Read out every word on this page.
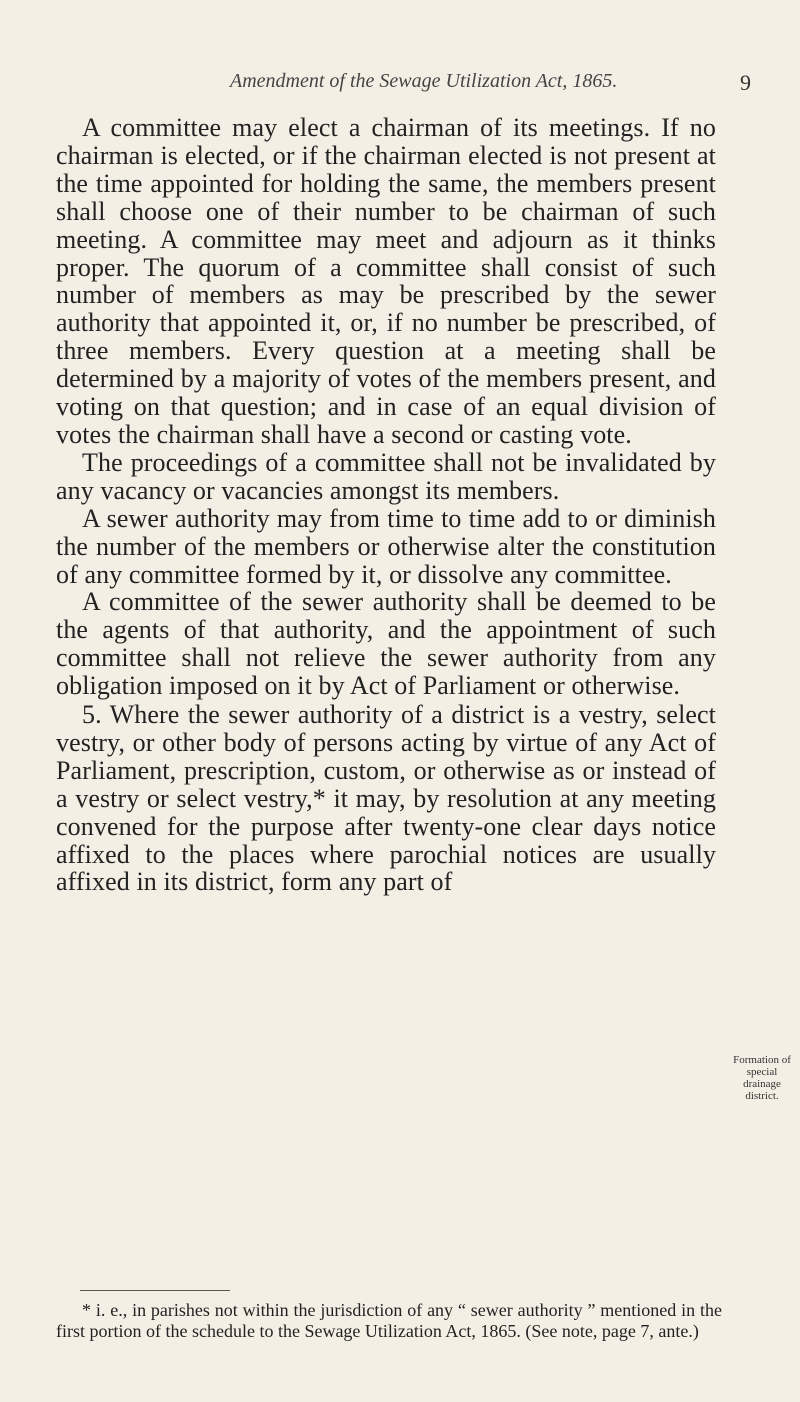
Amendment of the Sewage Utilization Act, 1865.	9

A committee may elect a chairman of its meetings. If no chairman is elected, or if the chairman elected is not present at the time appointed for holding the same, the members present shall choose one of their number to be chairman of such meeting. A committee may meet and adjourn as it thinks proper. The quorum of a committee shall consist of such number of members as may be prescribed by the sewer authority that appointed it, or, if no number be prescribed, of three members. Every question at a meeting shall be determined by a majority of votes of the members present, and voting on that question; and in case of an equal division of votes the chairman shall have a second or casting vote.

The proceedings of a committee shall not be invalidated by any vacancy or vacancies amongst its members.

A sewer authority may from time to time add to or diminish the number of the members or otherwise alter the constitution of any committee formed by it, or dissolve any committee.

A committee of the sewer authority shall be deemed to be the agents of that authority, and the appointment of such committee shall not relieve the sewer authority from any obligation imposed on it by Act of Parliament or otherwise.

5. Where the sewer authority of a district is a vestry, select vestry, or other body of persons acting by virtue of any Act of Parliament, prescription, custom, or otherwise as or instead of a vestry or select vestry,* it may, by resolution at any meeting convened for the purpose after twenty-one clear days notice affixed to the places where parochial notices are usually affixed in its district, form any part of

Formation of special drainage district.
* i. e., in parishes not within the jurisdiction of any “ sewer authority ” mentioned in the first portion of the schedule to the Sewage Utilization Act, 1865. (See note, page 7, ante.)
